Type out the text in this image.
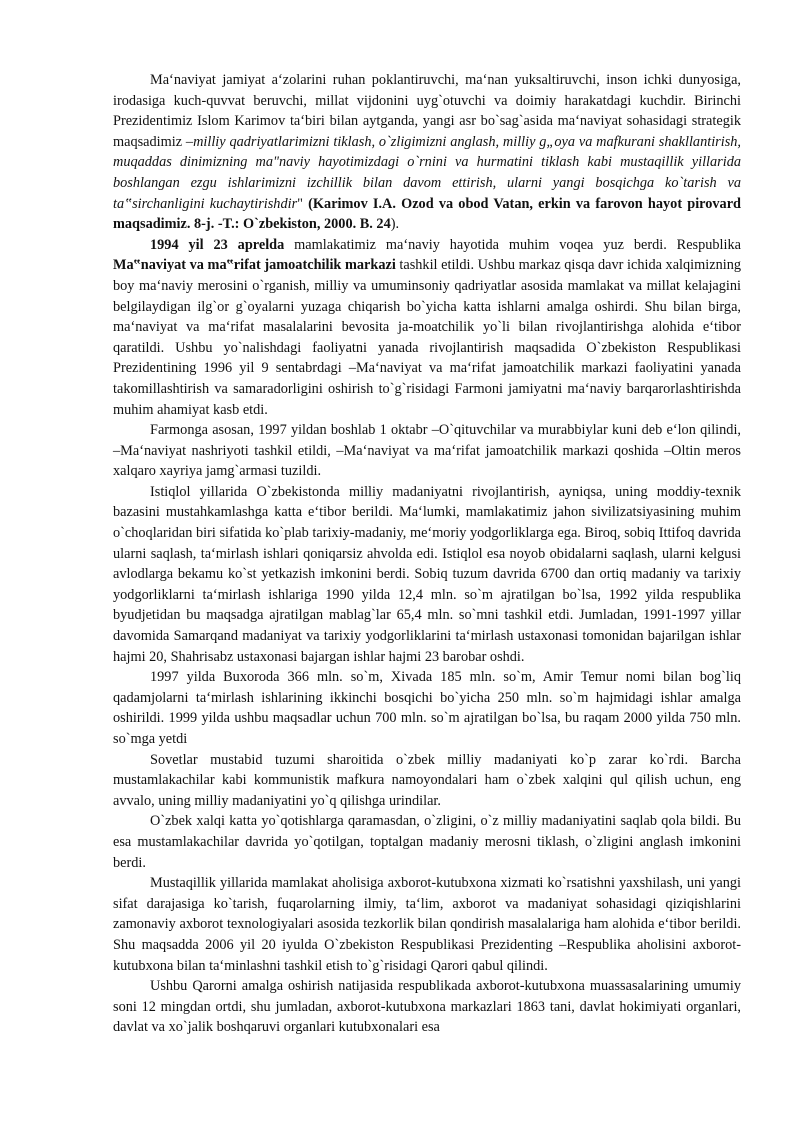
Ma‘naviyat jamiyat a‘zolarini ruhan poklantiruvchi, ma‘nan yuksaltiruvchi, inson ichki dunyosiga, irodasiga kuch-quvvat beruvchi, millat vijdonini uyg`otuvchi va doimiy harakatdagi kuchdir. Birinchi Prezidentimiz Islom Karimov ta‘biri bilan aytganda, yangi asr bo`sag`asida ma‘naviyat sohasidagi strategik maqsadimiz –milliy qadriyatlarimizni tiklash, o`zligimizni anglash, milliy g„oya va mafkurani shakllantirish, muqaddas dinimizning ma"naviy hayotimizdagi o`rnini va hurmatini tiklash kabi mustaqillik yillarida boshlangan ezgu ishlarimizni izchillik bilan davom ettirish, ularni yangi bosqichga ko`tarish va ta‟sirchanligini kuchaytirishdir" (Karimov I.A. Ozod va obod Vatan, erkin va farovon hayot pirovard maqsadimiz. 8-j. -T.: O`zbekiston, 2000. B. 24).

1994 yil 23 aprelda mamlakatimiz ma‘naviy hayotida muhim voqea yuz berdi. Respublika Ma‟naviyat va ma‟rifat jamoatchilik markazi tashkil etildi. Ushbu markaz qisqa davr ichida xalqimizning boy ma‘naviy merosini o`rganish, milliy va umuminsoniy qadriyatlar asosida mamlakat va millat kelajagini belgilaydigan ilg`or g`oyalarni yuzaga chiqarish bo`yicha katta ishlarni amalga oshirdi. Shu bilan birga, ma‘naviyat va ma‘rifat masalalarini bevosita ja-moatchilik yo`li bilan rivojlantirishga alohida e‘tibor qaratildi. Ushbu yo`nalishdagi faoliyatni yanada rivojlantirish maqsadida O`zbekiston Respublikasi Prezidentining 1996 yil 9 sentabrdagi –Ma‘naviyat va ma‘rifat jamoatchilik markazi faoliyatini yanada takomillashtirish va samaradorligini oshirish to`g`risidagi Farmoni jamiyatni ma‘naviy barqarorlashtirishda muhim ahamiyat kasb etdi.

Farmonga asosan, 1997 yildan boshlab 1 oktabr –O`qituvchilar va murabbiylar kuni deb e‘lon qilindi, –Ma‘naviyat nashriyoti tashkil etildi, –Ma‘naviyat va ma‘rifat jamoatchilik markazi qoshida –Oltin meros xalqaro xayriya jamg`armasi tuzildi.

Istiqlol yillarida O`zbekistonda milliy madaniyatni rivojlantirish, ayniqsa, uning moddiy-texnik bazasini mustahkamlashga katta e‘tibor berildi. Ma‘lumki, mamlakatimiz jahon sivilizatsiyasining muhim o`choqlaridan biri sifatida ko`plab tarixiy-madaniy, me‘moriy yodgorliklarga ega. Biroq, sobiq Ittifoq davrida ularni saqlash, ta‘mirlash ishlari qoniqarsiz ahvolda edi. Istiqlol esa noyob obidalarni saqlash, ularni kelgusi avlodlarga bekamu ko`st yetkazish imkonini berdi. Sobiq tuzum davrida 6700 dan ortiq madaniy va tarixiy yodgorliklarni ta‘mirlash ishlariga 1990 yilda 12,4 mln. so`m ajratilgan bo`lsa, 1992 yilda respublika byudjetidan bu maqsadga ajratilgan mablag`lar 65,4 mln. so`mni tashkil etdi. Jumladan, 1991-1997 yillar davomida Samarqand madaniyat va tarixiy yodgorliklarini ta‘mirlash ustaxonasi tomonidan bajarilgan ishlar hajmi 20, Shahrisabz ustaxonasi bajargan ishlar hajmi 23 barobar oshdi.

1997 yilda Buxoroda 366 mln. so`m, Xivada 185 mln. so`m, Amir Temur nomi bilan bog`liq qadamjolarni ta‘mirlash ishlarining ikkinchi bosqichi bo`yicha 250 mln. so`m hajmidagi ishlar amalga oshirildi. 1999 yilda ushbu maqsadlar uchun 700 mln. so`m ajratilgan bo`lsa, bu raqam 2000 yilda 750 mln. so`mga yetdi

Sovetlar mustabid tuzumi sharoitida o`zbek milliy madaniyati ko`p zarar ko`rdi. Barcha mustamlakachilar kabi kommunistik mafkura namoyondalari ham o`zbek xalqini qul qilish uchun, eng avvalo, uning milliy madaniyatini yo`q qilishga urindilar.

O`zbek xalqi katta yo`qotishlarga qaramasdan, o`zligini, o`z milliy madaniyatini saqlab qola bildi. Bu esa mustamlakachilar davrida yo`qotilgan, toptalgan madaniy merosni tiklash, o`zligini anglash imkonini berdi.

Mustaqillik yillarida mamlakat aholisiga axborot-kutubxona xizmati ko`rsatishni yaxshilash, uni yangi sifat darajasiga ko`tarish, fuqarolarning ilmiy, ta‘lim, axborot va madaniyat sohasidagi qiziqishlarini zamonaviy axborot texnologiyalari asosida tezkorlik bilan qondirish masalalariga ham alohida e‘tibor berildi. Shu maqsadda 2006 yil 20 iyulda O`zbekiston Respublikasi Prezidenting –Respublika aholisini axborot-kutubxona bilan ta‘minlashni tashkil etish to`g`risidagi Qarori qabul qilindi.

Ushbu Qarorni amalga oshirish natijasida respublikada axborot-kutubxona muassasalarining umumiy soni 12 mingdan ortdi, shu jumladan, axborot-kutubxona markazlari 1863 tani, davlat hokimiyati organlari, davlat va xo`jalik boshqaruvi organlari kutubxonalari esa
